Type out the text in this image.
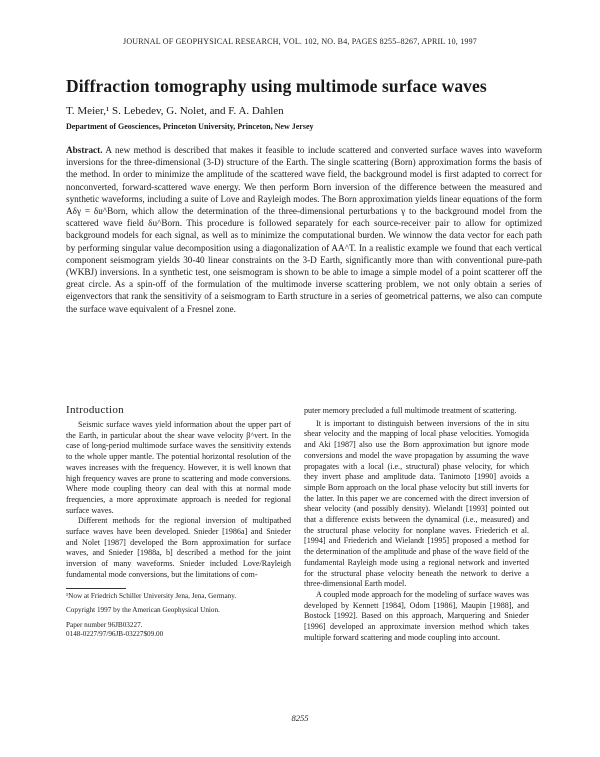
JOURNAL OF GEOPHYSICAL RESEARCH, VOL. 102, NO. B4, PAGES 8255–8267, APRIL 10, 1997
Diffraction tomography using multimode surface waves
T. Meier,¹ S. Lebedev, G. Nolet, and F. A. Dahlen
Department of Geosciences, Princeton University, Princeton, New Jersey
Abstract. A new method is described that makes it feasible to include scattered and converted surface waves into waveform inversions for the three-dimensional (3-D) structure of the Earth. The single scattering (Born) approximation forms the basis of the method. In order to minimize the amplitude of the scattered wave field, the background model is first adapted to correct for nonconverted, forward-scattered wave energy. We then perform Born inversion of the difference between the measured and synthetic waveforms, including a suite of Love and Rayleigh modes. The Born approximation yields linear equations of the form Aδγ = δu^Born, which allow the determination of the three-dimensional perturbations γ to the background model from the scattered wave field δu^Born. This procedure is followed separately for each source-receiver pair to allow for optimized background models for each signal, as well as to minimize the computational burden. We winnow the data vector for each path by performing singular value decomposition using a diagonalization of AA^T. In a realistic example we found that each vertical component seismogram yields 30-40 linear constraints on the 3-D Earth, significantly more than with conventional pure-path (WKBJ) inversions. In a synthetic test, one seismogram is shown to be able to image a simple model of a point scatterer off the great circle. As a spin-off of the formulation of the multimode inverse scattering problem, we not only obtain a series of eigenvectors that rank the sensitivity of a seismogram to Earth structure in a series of geometrical patterns, we also can compute the surface wave equivalent of a Fresnel zone.
Introduction

Seismic surface waves yield information about the upper part of the Earth, in particular about the shear wave velocity β^vert. In the case of long-period multimode surface waves the sensitivity extends to the whole upper mantle. The potential horizontal resolution of the waves increases with the frequency. However, it is well known that high frequency waves are prone to scattering and mode conversions. Where mode coupling theory can deal with this at normal mode frequencies, a more approximate approach is needed for regional surface waves.

Different methods for the regional inversion of multipathed surface waves have been developed. Snieder [1986a] and Snieder and Nolet [1987] developed the Born approximation for surface waves, and Snieder [1988a, b] described a method for the joint inversion of many waveforms. Snieder included Love/Rayleigh fundamental mode conversions, but the limitations of com-

¹Now at Friedrich Schiller University Jena, Jena, Germany.

Copyright 1997 by the American Geophysical Union.

Paper number 96JB03227.

0148-0227/97/96JB-03227$09.00

puter memory precluded a full multimode treatment of scattering.

It is important to distinguish between inversions of the in situ shear velocity and the mapping of local phase velocities. Yomogida and Aki [1987] also use the Born approximation but ignore mode conversions and model the wave propagation by assuming the wave propagates with a local (i.e., structural) phase velocity, for which they invert phase and amplitude data. Tanimoto [1990] avoids a simple Born approach on the local phase velocity but still inverts for the latter. In this paper we are concerned with the direct inversion of shear velocity (and possibly density). Wielandt [1993] pointed out that a difference exists between the dynamical (i.e., measured) and the structural phase velocity for nonplane waves. Friederich et al. [1994] and Friederich and Wielandt [1995] proposed a method for the determination of the amplitude and phase of the wave field of the fundamental Rayleigh mode using a regional network and inverted for the structural phase velocity beneath the network to derive a three-dimensional Earth model.

A coupled mode approach for the modeling of surface waves was developed by Kennett [1984], Odom [1986], Maupin [1988], and Bostock [1992]. Based on this approach, Marquering and Snieder [1996] developed an approximate inversion method which takes multiple forward scattering and mode coupling into account.

8255
